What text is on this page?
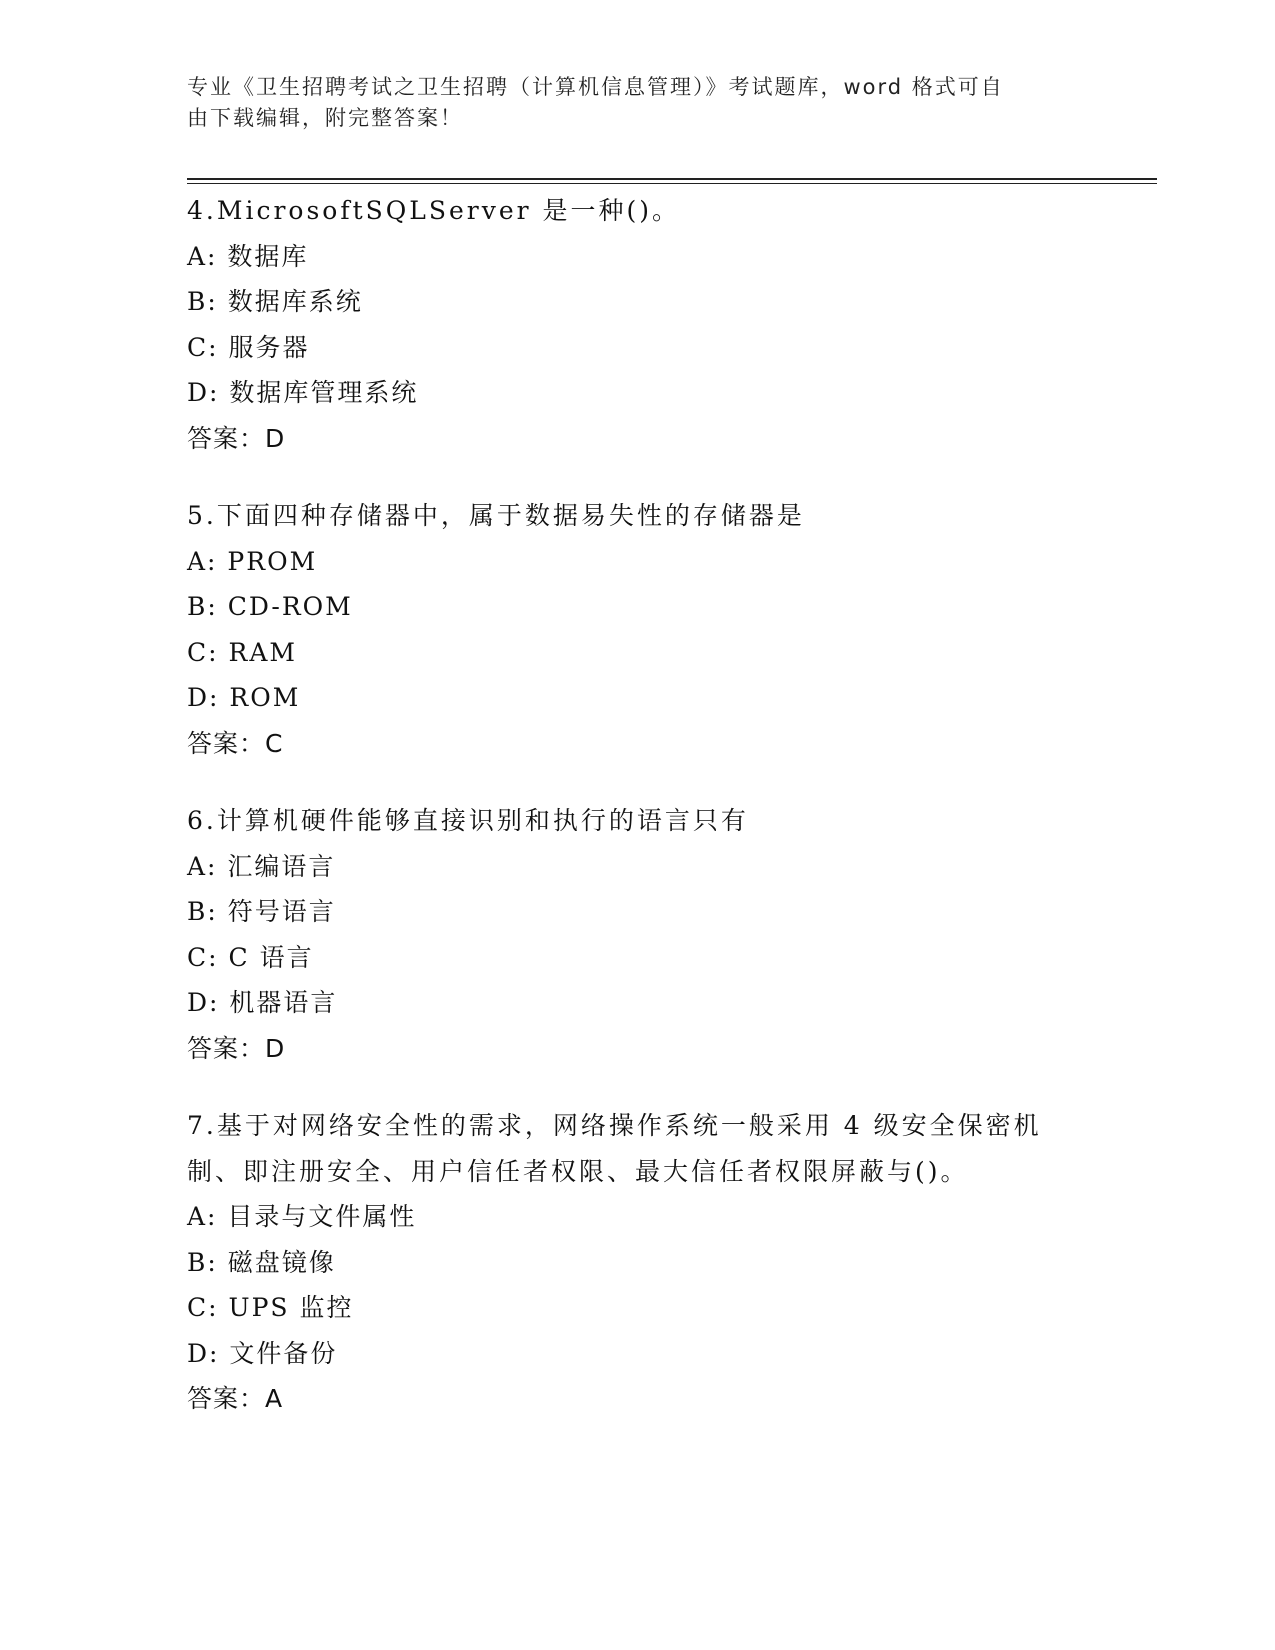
专业《卫生招聘考试之卫生招聘（计算机信息管理）》考试题库，word 格式可自
由下载编辑，附完整答案！
4.MicrosoftSQLServer 是一种()。
A: 数据库
B: 数据库系统
C: 服务器
D: 数据库管理系统
答案：D
5.下面四种存储器中，属于数据易失性的存储器是
A: PROM
B: CD-ROM
C: RAM
D: ROM
答案：C
6.计算机硬件能够直接识别和执行的语言只有
A: 汇编语言
B: 符号语言
C: C 语言
D: 机器语言
答案：D
7.基于对网络安全性的需求，网络操作系统一般采用 4 级安全保密机
制、即注册安全、用户信任者权限、最大信任者权限屏蔽与()。
A: 目录与文件属性
B: 磁盘镜像
C: UPS 监控
D: 文件备份
答案：A
